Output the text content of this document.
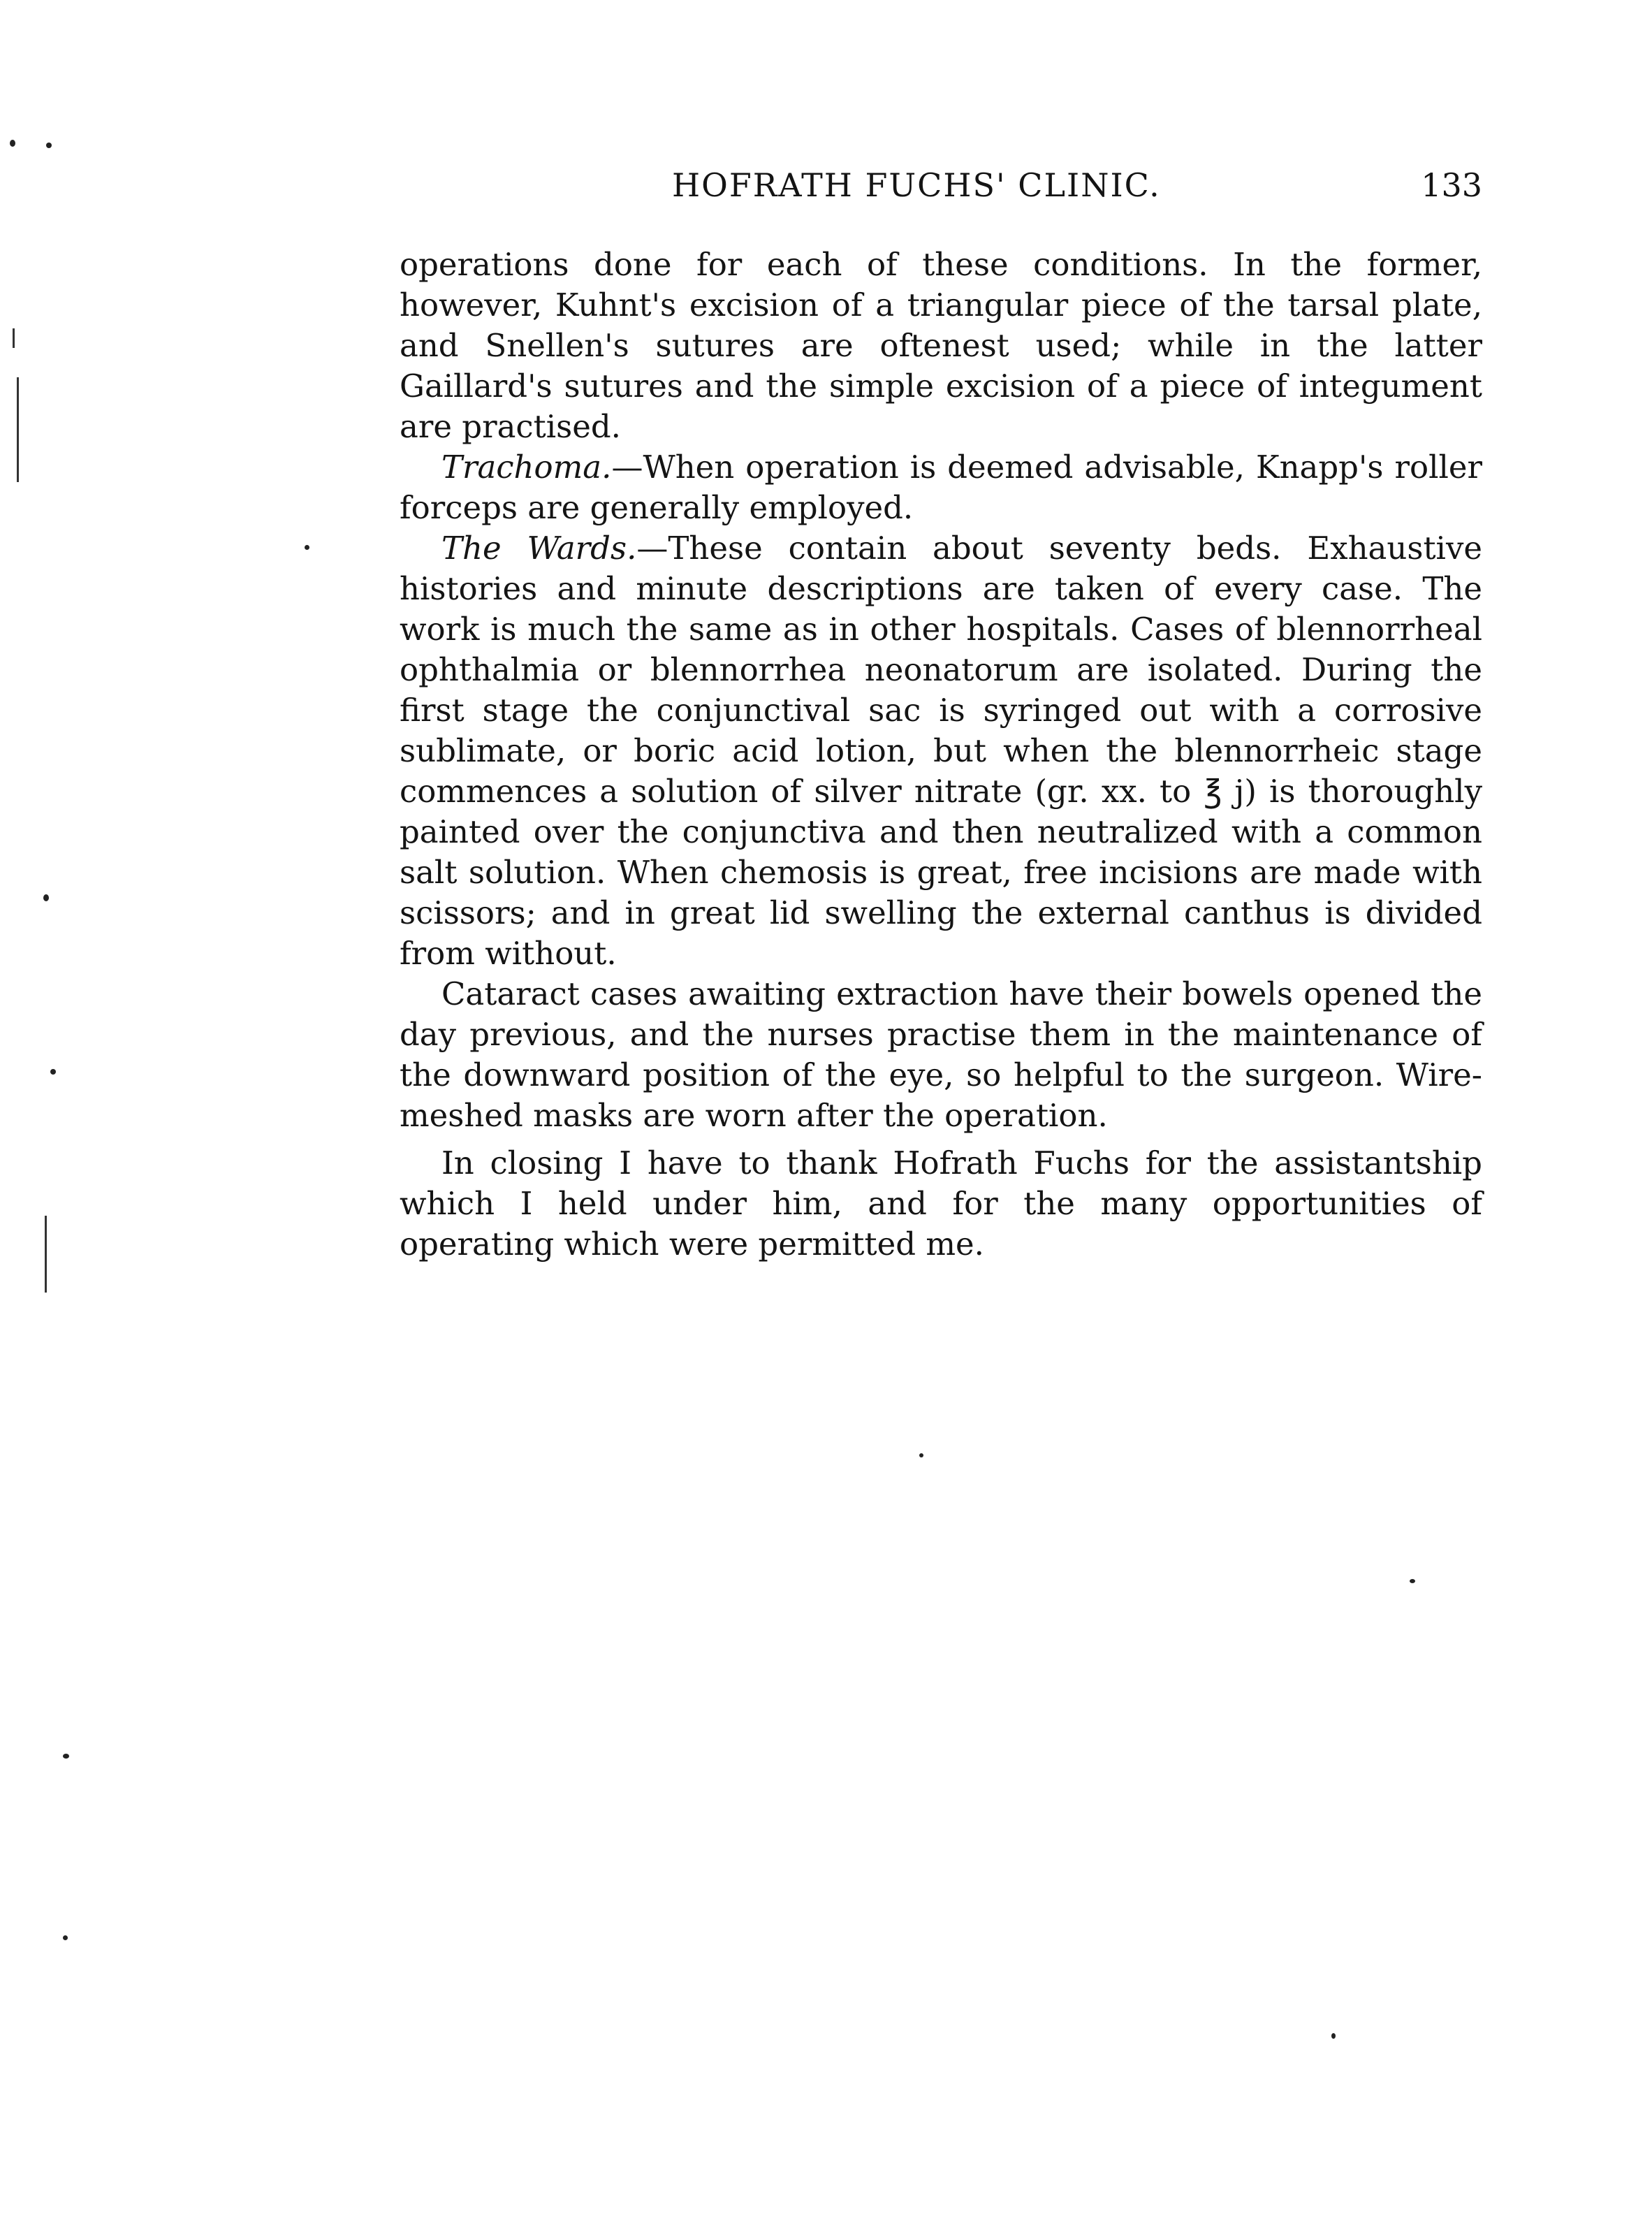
HOFRATH FUCHS' CLINIC.	133

operations done for each of these conditions. In the former, however, Kuhnt's excision of a triangular piece of the tarsal plate, and Snellen's sutures are oftenest used; while in the latter Gaillard's sutures and the simple excision of a piece of integument are practised.

Trachoma.—When operation is deemed advisable, Knapp's roller forceps are generally employed.

The Wards.—These contain about seventy beds. Exhaustive histories and minute descriptions are taken of every case. The work is much the same as in other hospitals. Cases of blennorrheal ophthalmia or blennorrhea neonatorum are isolated. During the first stage the conjunctival sac is syringed out with a corrosive sublimate, or boric acid lotion, but when the blennorrheic stage commences a solution of silver nitrate (gr. xx. to ℥ j) is thoroughly painted over the conjunctiva and then neutralized with a common salt solution. When chemosis is great, free incisions are made with scissors; and in great lid swelling the external canthus is divided from without.

Cataract cases awaiting extraction have their bowels opened the day previous, and the nurses practise them in the maintenance of the downward position of the eye, so helpful to the surgeon. Wire-meshed masks are worn after the operation.

In closing I have to thank Hofrath Fuchs for the assistantship which I held under him, and for the many opportunities of operating which were permitted me.
